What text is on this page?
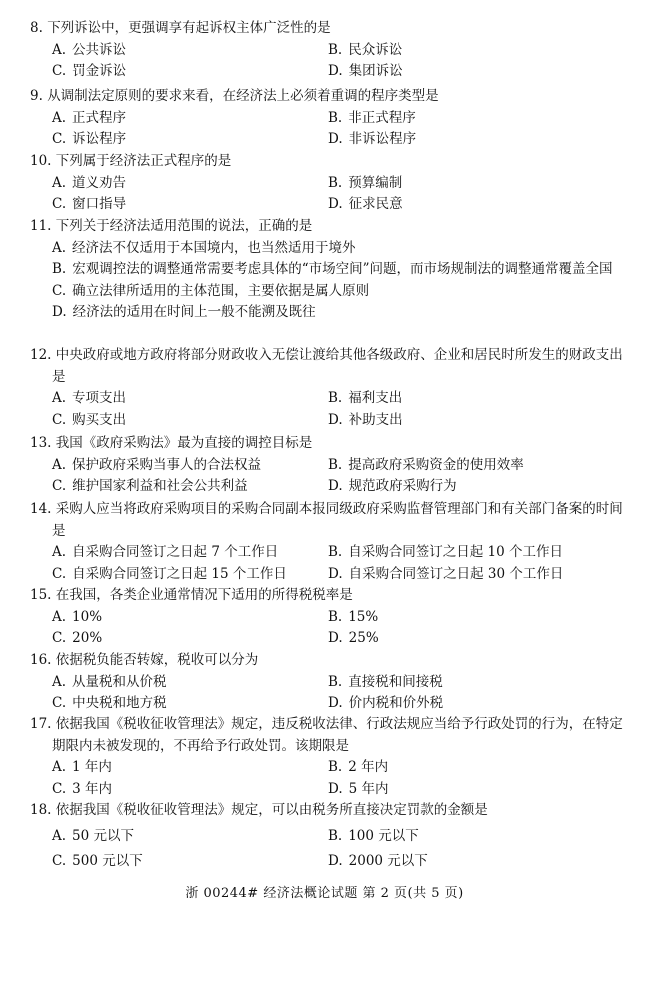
8. 下列诉讼中，更强调享有起诉权主体广泛性的是
A. 公共诉讼	B. 民众诉讼
C. 罚金诉讼	D. 集团诉讼
9. 从调制法定原则的要求来看，在经济法上必须着重调的程序类型是
A. 正式程序	B. 非正式程序
C. 诉讼程序	D. 非诉讼程序
10. 下列属于经济法正式程序的是
A. 道义劝告	B. 预算编制
C. 窗口指导	D. 征求民意
11. 下列关于经济法适用范围的说法，正确的是
A. 经济法不仅适用于本国境内，也当然适用于境外
B. 宏观调控法的调整通常需要考虑具体的“市场空间”问题，而市场规制法的调整通常覆盖全国
C. 确立法律所适用的主体范围，主要依据是属人原则
D. 经济法的适用在时间上一般不能溯及既往
12. 中央政府或地方政府将部分财政收入无偿让渡给其他各级政府、企业和居民时所发生的财政支出是
A. 专项支出	B. 福利支出
C. 购买支出	D. 补助支出
13. 我国《政府采购法》最为直接的调控目标是
A. 保护政府采购当事人的合法权益	B. 提高政府采购资金的使用效率
C. 维护国家利益和社会公共利益	D. 规范政府采购行为
14. 采购人应当将政府采购项目的采购合同副本报同级政府采购监督管理部门和有关部门备案的时间是
A. 自采购合同签订之日起 7 个工作日	B. 自采购合同签订之日起 10 个工作日
C. 自采购合同签订之日起 15 个工作日	D. 自采购合同签订之日起 30 个工作日
15. 在我国，各类企业通常情况下适用的所得税税率是
A. 10%	B. 15%
C. 20%	D. 25%
16. 依据税负能否转嫁，税收可以分为
A. 从量税和从价税	B. 直接税和间接税
C. 中央税和地方税	D. 价内税和价外税
17. 依据我国《税收征收管理法》规定，违反税收法律、行政法规应当给予行政处罚的行为，在特定期限内未被发现的，不再给予行政处罚。该期限是
A. 1 年内	B. 2 年内
C. 3 年内	D. 5 年内
18. 依据我国《税收征收管理法》规定，可以由税务所直接决定罚款的金额是
A. 50 元以下	B. 100 元以下
C. 500 元以下	D. 2000 元以下
浙 00244# 经济法概论试题 第 2 页(共 5 页)
